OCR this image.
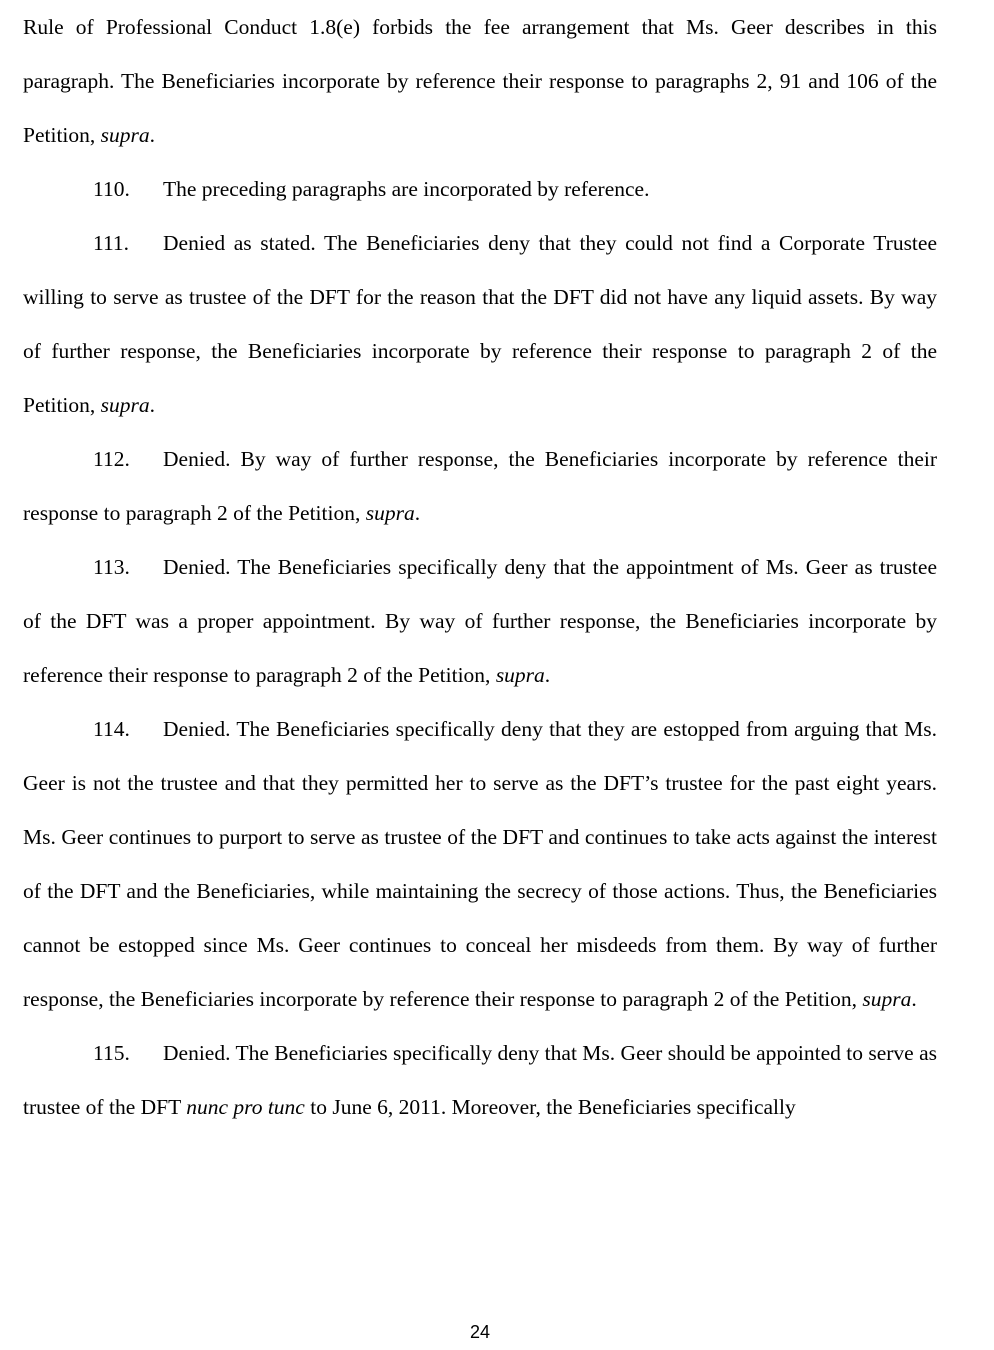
Rule of Professional Conduct 1.8(e) forbids the fee arrangement that Ms. Geer describes in this paragraph. The Beneficiaries incorporate by reference their response to paragraphs 2, 91 and 106 of the Petition, supra.

110. The preceding paragraphs are incorporated by reference.

111. Denied as stated. The Beneficiaries deny that they could not find a Corporate Trustee willing to serve as trustee of the DFT for the reason that the DFT did not have any liquid assets. By way of further response, the Beneficiaries incorporate by reference their response to paragraph 2 of the Petition, supra.

112. Denied. By way of further response, the Beneficiaries incorporate by reference their response to paragraph 2 of the Petition, supra.

113. Denied. The Beneficiaries specifically deny that the appointment of Ms. Geer as trustee of the DFT was a proper appointment. By way of further response, the Beneficiaries incorporate by reference their response to paragraph 2 of the Petition, supra.

114. Denied. The Beneficiaries specifically deny that they are estopped from arguing that Ms. Geer is not the trustee and that they permitted her to serve as the DFT’s trustee for the past eight years. Ms. Geer continues to purport to serve as trustee of the DFT and continues to take acts against the interest of the DFT and the Beneficiaries, while maintaining the secrecy of those actions. Thus, the Beneficiaries cannot be estopped since Ms. Geer continues to conceal her misdeeds from them. By way of further response, the Beneficiaries incorporate by reference their response to paragraph 2 of the Petition, supra.

115. Denied. The Beneficiaries specifically deny that Ms. Geer should be appointed to serve as trustee of the DFT nunc pro tunc to June 6, 2011. Moreover, the Beneficiaries specifically

24
